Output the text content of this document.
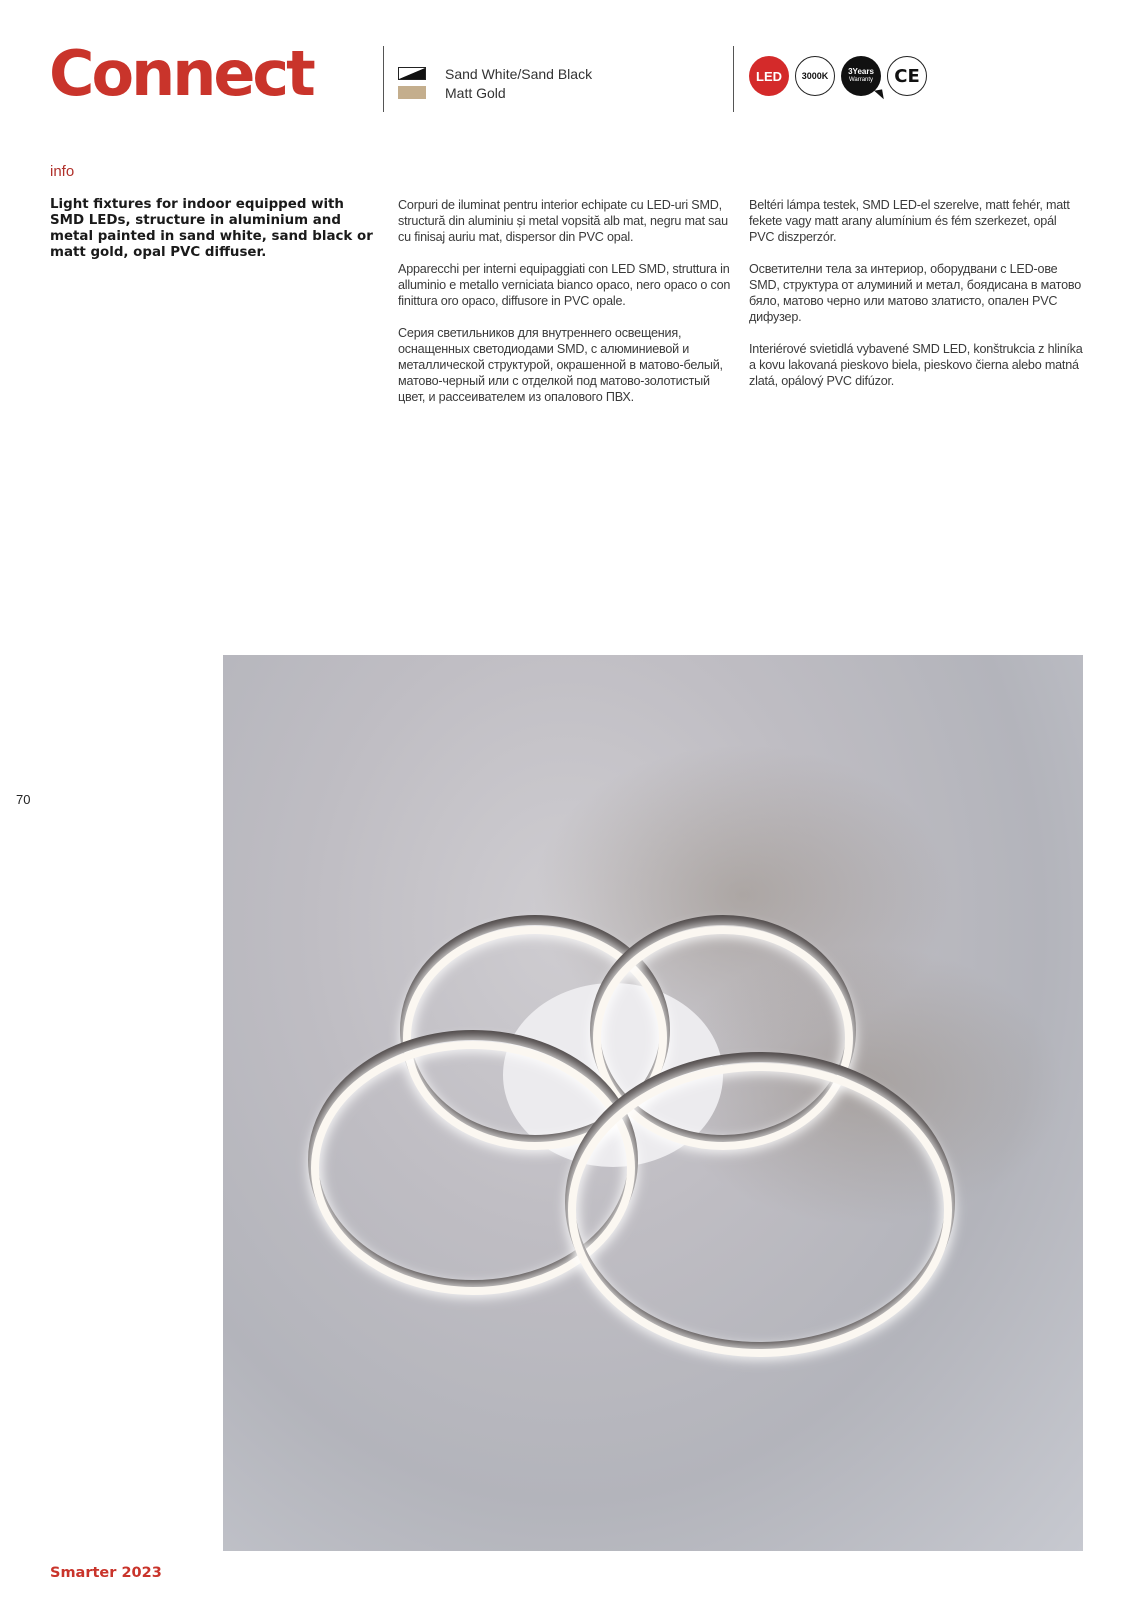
Connect	Sand White/Sand Black
Matt Gold
LED	3000K	3Years
Warranty	CE
info

Light fixtures for indoor equipped with SMD LEDs, structure in aluminium and metal painted in sand white, sand black or matt gold, opal PVC diffuser.

Corpuri de iluminat pentru interior echipate cu LED-uri SMD, structură din aluminiu și metal vopsită alb mat, negru mat sau cu finisaj auriu mat, dispersor din PVC opal.

Apparecchi per interni equipaggiati con LED SMD, struttura in alluminio e metallo verniciata bianco opaco, nero opaco o con finittura oro opaco, diffusore in PVC opale.

Серия светильников для внутреннего освещения, оснащенных светодиодами SMD, с алюминиевой и металлической структурой, окрашенной в матово-белый, матово-черный или с отделкой под матово-золотистый цвет, и рассеивателем из опалового ПВХ.

Beltéri lámpa testek, SMD LED-el szerelve, matt fehér, matt fekete vagy matt arany alumínium és fém szerkezet, opál PVC diszperzór.

Осветителни тела за интериор, оборудвани с LED-ове SMD, структура от алуминий и метал, боядисана в матово бяло, матово черно или матово златисто, опален PVC дифузер.

Interiérové svietidlá vybavené SMD LED, konštrukcia z hliníka a kovu lakovaná pieskovo biela, pieskovo čierna alebo matná zlatá, opálový PVC difúzor.

70
Smarter 2023
